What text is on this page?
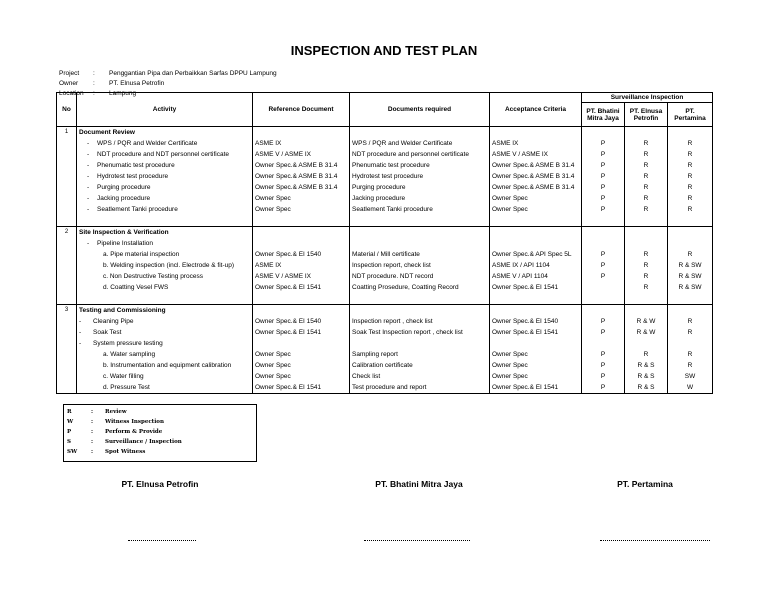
INSPECTION AND TEST PLAN
Project	:	Penggantian Pipa dan Perbaikkan Sarfas DPPU Lampung
Owner	:	PT. Elnusa Petrofin
Location	:	Lampung
No	Activity	Reference Document	Documents required	Acceptance Criteria	Surveillance Inspection		
					PT. Bhatini Mitra Jaya	PT. Elnusa Petrofin	PT. Pertamina
1	Document Review						
	- WPS / PQR and Welder Certificate	ASME IX	WPS / PQR and Welder Certificate	ASME IX	P	R	R
	- NDT procedure and NDT personnel certificate	ASME V / ASME IX	NDT procedure and personnel certificate	ASME V / ASME IX	P	R	R
	- Phenumatic test procedure	Owner Spec.& ASME B 31.4	Phenumatic test procedure	Owner Spec.& ASME B 31.4	P	R	R
	- Hydrotest test procedure	Owner Spec.& ASME B 31.4	Hydrotest test procedure	Owner Spec.& ASME B 31.4	P	R	R
	- Purging procedure	Owner Spec.& ASME B 31.4	Purging procedure	Owner Spec.& ASME B 31.4	P	R	R
	- Jacking procedure	Owner Spec	Jacking procedure	Owner Spec	P	R	R
	- Seatlement Tanki procedure	Owner Spec	Seatlement Tanki procedure	Owner Spec	P	R	R

2	Site Inspection & Verification						
	- Pipeline Installation						
	a. Pipe material inspection	Owner Spec.& EI 1540	Material / Mill certificate	Owner Spec.& API Spec 5L	P	R	R
	b. Welding inspection (incl. Electrode & fit-up)	ASME IX	Inspection report, check list	ASME IX / API 1104	P	R	R & SW
	c. Non Destructive Testing process	ASME V / ASME IX	NDT procedure. NDT record	ASME V / API 1104	P	R	R & SW
	d. Coatting Vesel FWS	Owner Spec.& EI 1541	Coatting Prosedure, Coatting Record	Owner Spec.& EI 1541		R	R & SW

3	Testing and Commissioning						
	- Cleaning Pipe	Owner Spec.& EI 1540	Inspection report , check list	Owner Spec.& EI 1540	P	R & W	R
	- Soak Test	Owner Spec.& EI 1541	Soak Test Inspection report , check list	Owner Spec.& EI 1541	P	R & W	R
	- System pressure testing						
	a. Water sampling	Owner Spec	Sampling report	Owner Spec	P	R	R
	b. Instrumentation and equipment calibration	Owner Spec	Calibration certificate	Owner Spec	P	R & S	R
	c. Water filling	Owner Spec	Check list	Owner Spec	P	R & S	SW
	d. Pressure Test	Owner Spec.& EI 1541	Test procedure and report	Owner Spec.& EI 1541	P	R & S	W
R	:	Review
W	:	Witness Inspection
P	:	Perform & Provide
S	:	Surveillance / Inspection
SW	:	Spot Witness
PT. Elnusa Petrofin	PT. Bhatini Mitra Jaya	PT. Pertamina
